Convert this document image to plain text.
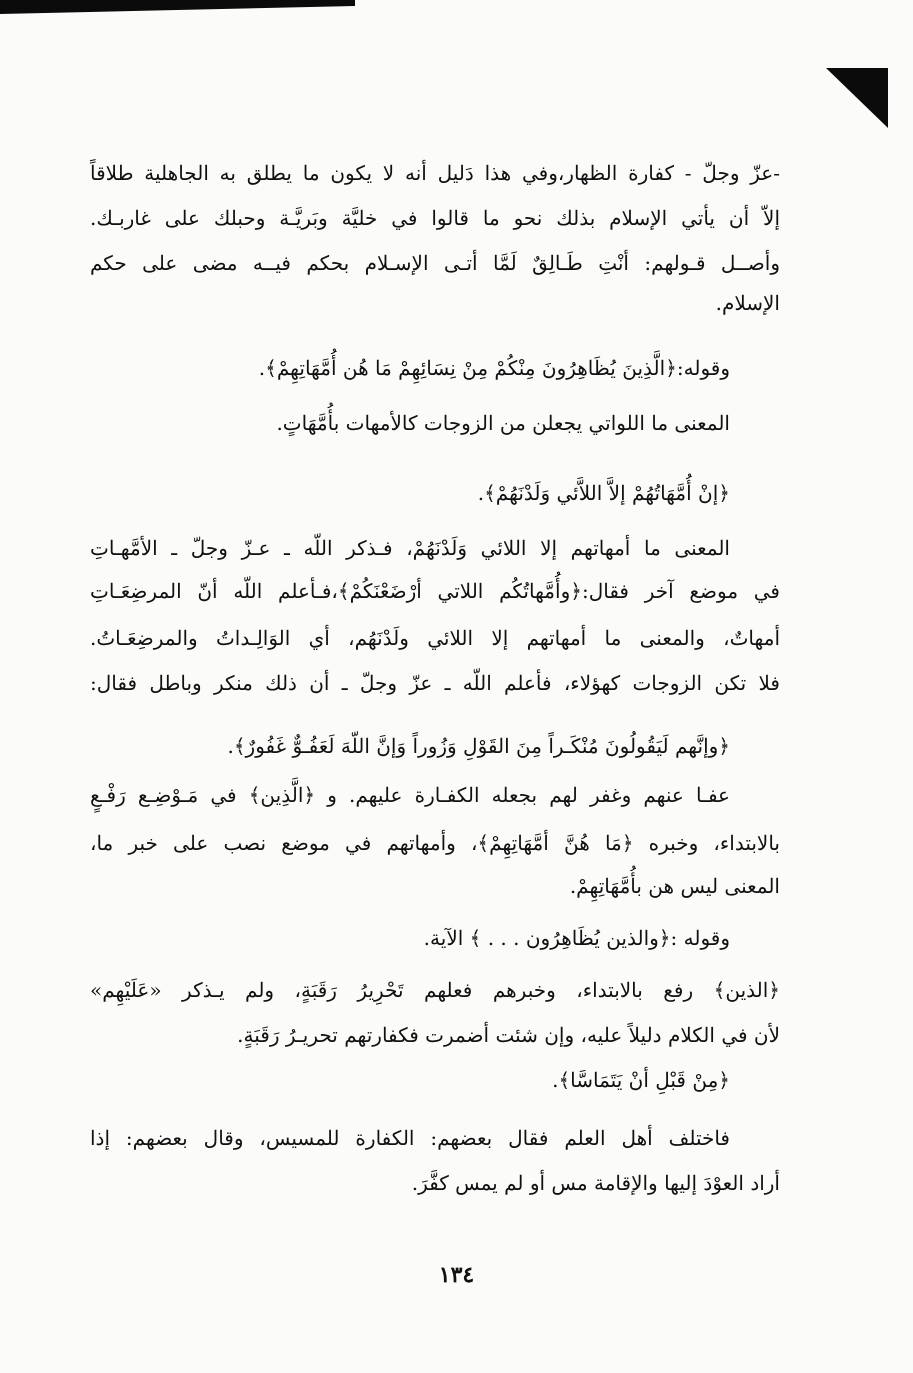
-عزّ وجلّ - كفارة الظهار،وفي هذا دَليل أنه لا يكون ما يطلق به الجاهلية طلاقاً
إلاّ أن يأتي الإسلام بذلك نحو ما قالوا في خليَّة وبَريَّـة وحبلك على غاربـك.
وأصــل قـولهم: أنْتِ طَـالِقٌ لَمَّا أتـى الإسـلام بحكم فيــه مضى على حكم
الإسلام.
وقوله:﴿الَّذِينَ يُظَاهِرُونَ مِنْكُمْ مِنْ نِسَائِهِمْ مَا هُن أُمَّهَاتِهِمْ﴾.
المعنى ما اللواتي يجعلن من الزوجات كالأمهات بأُمَّهَاتٍ.
﴿إنْ أُمَّهَاتُهُمْ إلاَّ اللاَّئي وَلَدْنَهُمْ﴾.
المعنى ما أمهاتهم إلا اللائي وَلَدْنَهُمْ، فـذكر اللّه ـ عـزّ وجلّ ـ الأمَّهـاتِ
في موضع آخر فقال:﴿وأُمَّهاتُكُم اللاتي أرْضَعْنَكُمْ﴾،فـأعلم اللّه أنّ المرضِعَـاتِ
أمهاتٌ، والمعنى ما أمهاتهم إلا اللائي ولَدْنَهُم، أي الوَالِـداتُ والمرضِعَـاتُ.
فلا تكن الزوجات كهؤلاء، فأعلم اللّه ـ عزّ وجلّ ـ أن ذلك منكر وباطل فقال:
﴿وإنَّهم لَيَقُولُونَ مُنْكَـراً مِنَ القَوْلِ وَزُوراً وَإنَّ اللّهَ لَعَفُـوٌّ غَفُورٌ﴾.
عفـا عنهم وغفر لهم بجعله الكفـارة عليهم. و ﴿الَّذِين﴾ في مَـوْضِـع رَفْـعٍ
بالابتداء، وخبره ﴿مَا هُنَّ أمَّهَاتِهِمْ﴾، وأمهاتهم في موضع نصب على خبر ما،
المعنى ليس هن بأُمَّهَاتِهِمْ.
وقوله :﴿والذين يُظَاهِرُون . . . ﴾ الآية.
﴿الذين﴾ رفع بالابتداء، وخبرهم فعلهم تَحْرِيرُ رَقَبَةٍ، ولم يـذكر «عَلَيْهِم»
لأن في الكلام دليلاً عليه، وإن شئت أضمرت فكفارتهم تحريـرُ رَقَبَةٍ.
﴿مِنْ قَبْلِ أنْ يَتَمَاسَّا﴾.
فاختلف أهل العلم فقال بعضهم: الكفارة للمسيس، وقال بعضهم: إذا
أراد العوْدَ إليها والإقامة مس أو لم يمس كفَّرَ.
١٣٤
